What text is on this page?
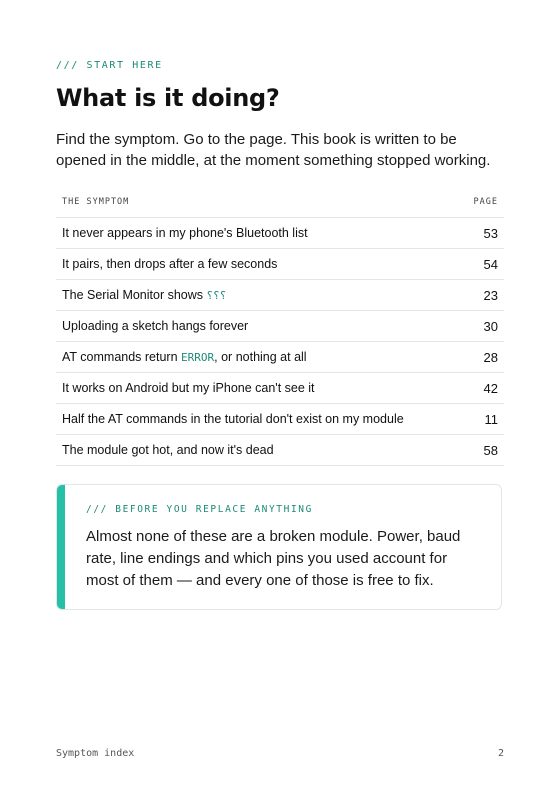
/// START HERE
What is it doing?

Find the symptom. Go to the page. This book is written to be opened in the middle, at the moment something stopped working.

THE SYMPTOM	PAGE
It never appears in my phone's Bluetooth list	53
It pairs, then drops after a few seconds	54
The Serial Monitor shows ⸮⸮⸮	23
Uploading a sketch hangs forever	30
AT commands return ERROR, or nothing at all	28
It works on Android but my iPhone can't see it	42
Half the AT commands in the tutorial don't exist on my module	11
The module got hot, and now it's dead	58
/// BEFORE YOU REPLACE ANYTHING

Almost none of these are a broken module. Power, baud rate, line endings and which pins you used account for most of them — and every one of those is free to fix.

Symptom index	2
